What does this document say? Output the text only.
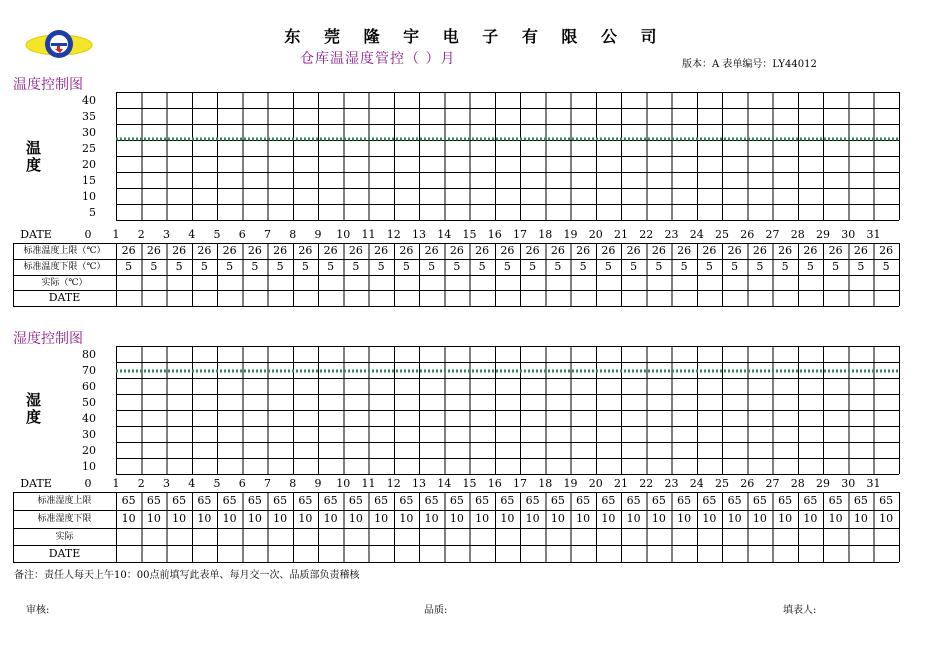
东 莞 隆 宇 电 子 有 限 公 司
仓库温湿度管控（ ）月	版本：A 表单编号：LY44012
温度控制图
40
35
30
25
20
15
10
5
温度
DATE	0	1	2	3	4	5	6	7	8	9	10	11	12	13	14	15	16	17	18	19	20	21	22	23	24	25	26	27	28	29	30	31
标准温度上限（℃）	26	26	26	26	26	26	26	26	26	26	26	26	26	26	26	26	26	26	26	26	26	26	26	26	26	26	26	26	26	26	26
标准温度下限（℃）	5	5	5	5	5	5	5	5	5	5	5	5	5	5	5	5	5	5	5	5	5	5	5	5	5	5	5	5	5	5	5
实际（℃）
DATE
湿度控制图
80
70
60
50
40
30
20
10
湿度
DATE	0	1	2	3	4	5	6	7	8	9	10	11	12	13	14	15	16	17	18	19	20	21	22	23	24	25	26	27	28	29	30	31
标准湿度上限	65	65	65	65	65	65	65	65	65	65	65	65	65	65	65	65	65	65	65	65	65	65	65	65	65	65	65	65	65	65	65
标准湿度下限	10	10	10	10	10	10	10	10	10	10	10	10	10	10	10	10	10	10	10	10	10	10	10	10	10	10	10	10	10	10	10
实际
DATE
备注：责任人每天上午10：00点前填写此表单、每月交一次、品质部负责稽核
审核:	品质:	填表人:
